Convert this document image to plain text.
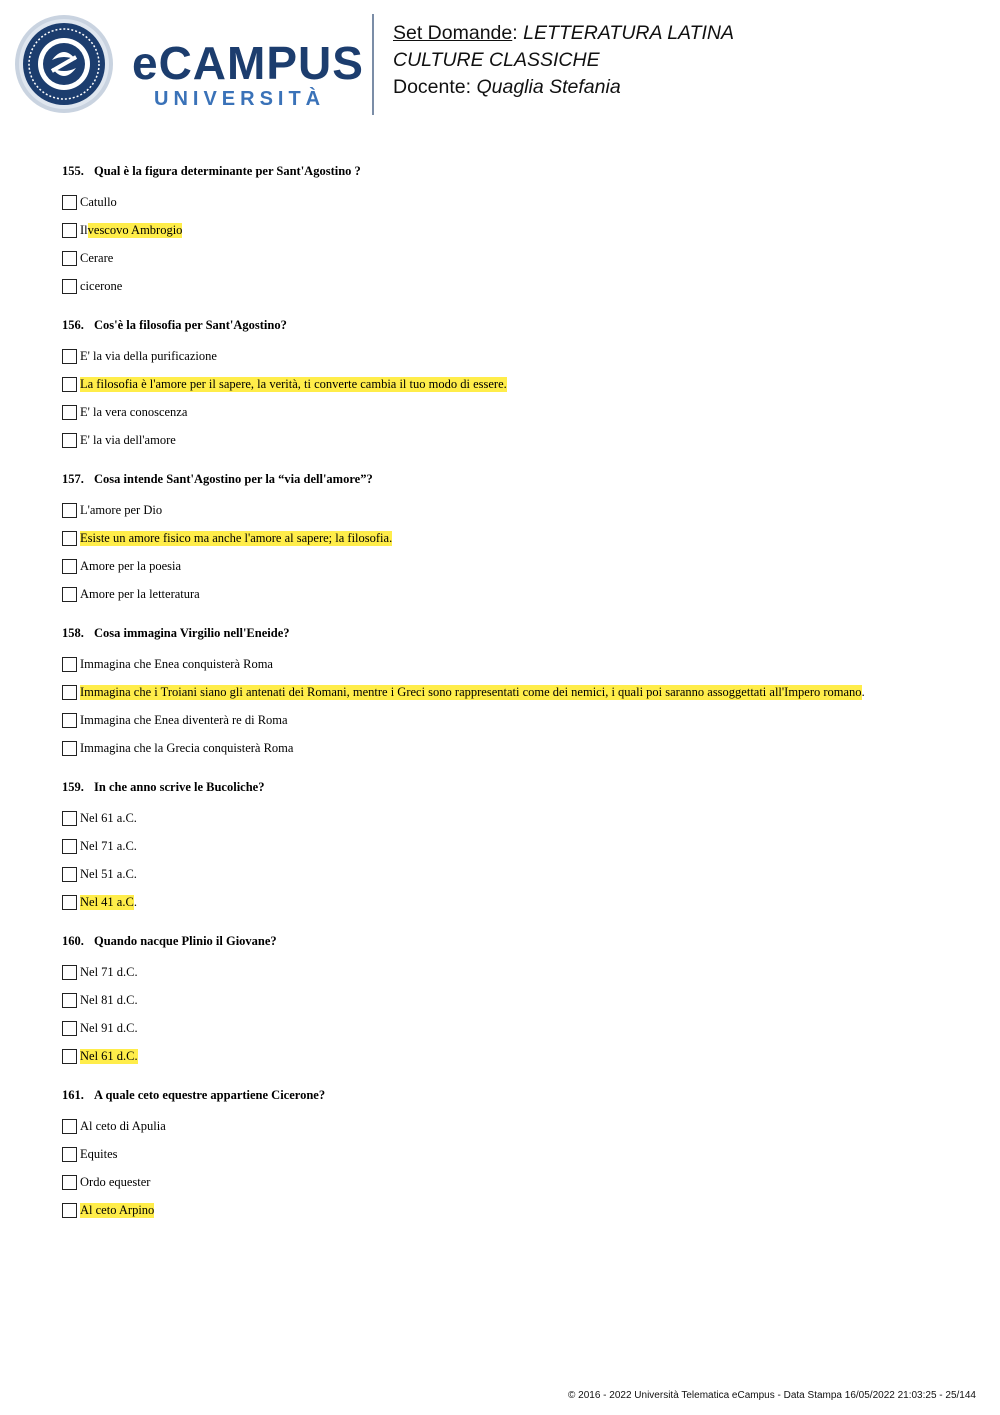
eCAMPUS
UNIVERSITÀ
Set Domande: LETTERATURA LATINA
CULTURE CLASSICHE
Docente: Quaglia Stefania
155. Qual è la figura determinante per Sant'Agostino ?
Catullo
Il vescovo Ambrogio
Cerare
cicerone
156. Cos'è la filosofia per Sant'Agostino?
E' la via della purificazione
La filosofia è l'amore per il sapere, la verità, ti converte cambia il tuo modo di essere.
E' la vera conoscenza
E' la via dell'amore
157. Cosa intende Sant'Agostino per la “via dell'amore”?
L'amore per Dio
Esiste un amore fisico ma anche l'amore al sapere; la filosofia.
Amore per la poesia
Amore per la letteratura
158. Cosa immagina Virgilio nell'Eneide?
Immagina che Enea conquisterà Roma
Immagina che i Troiani siano gli antenati dei Romani, mentre i Greci sono rappresentati come dei nemici, i quali poi saranno assoggettati all'Impero romano .
Immagina che Enea diventerà re di Roma
Immagina che la Grecia conquisterà Roma
159. In che anno scrive le Bucoliche?
Nel 61 a.C.
Nel 71 a.C.
Nel 51 a.C.
Nel 41 a.C .
160. Quando nacque Plinio il Giovane?
Nel 71 d.C.
Nel 81 d.C.
Nel 91 d.C.
Nel 61 d.C.
161. A quale ceto equestre appartiene Cicerone?
Al ceto di Apulia
Equites
Ordo equester
Al ceto Arpino
© 2016 - 2022 Università Telematica eCampus - Data Stampa 16/05/2022 21:03:25 - 25/144
